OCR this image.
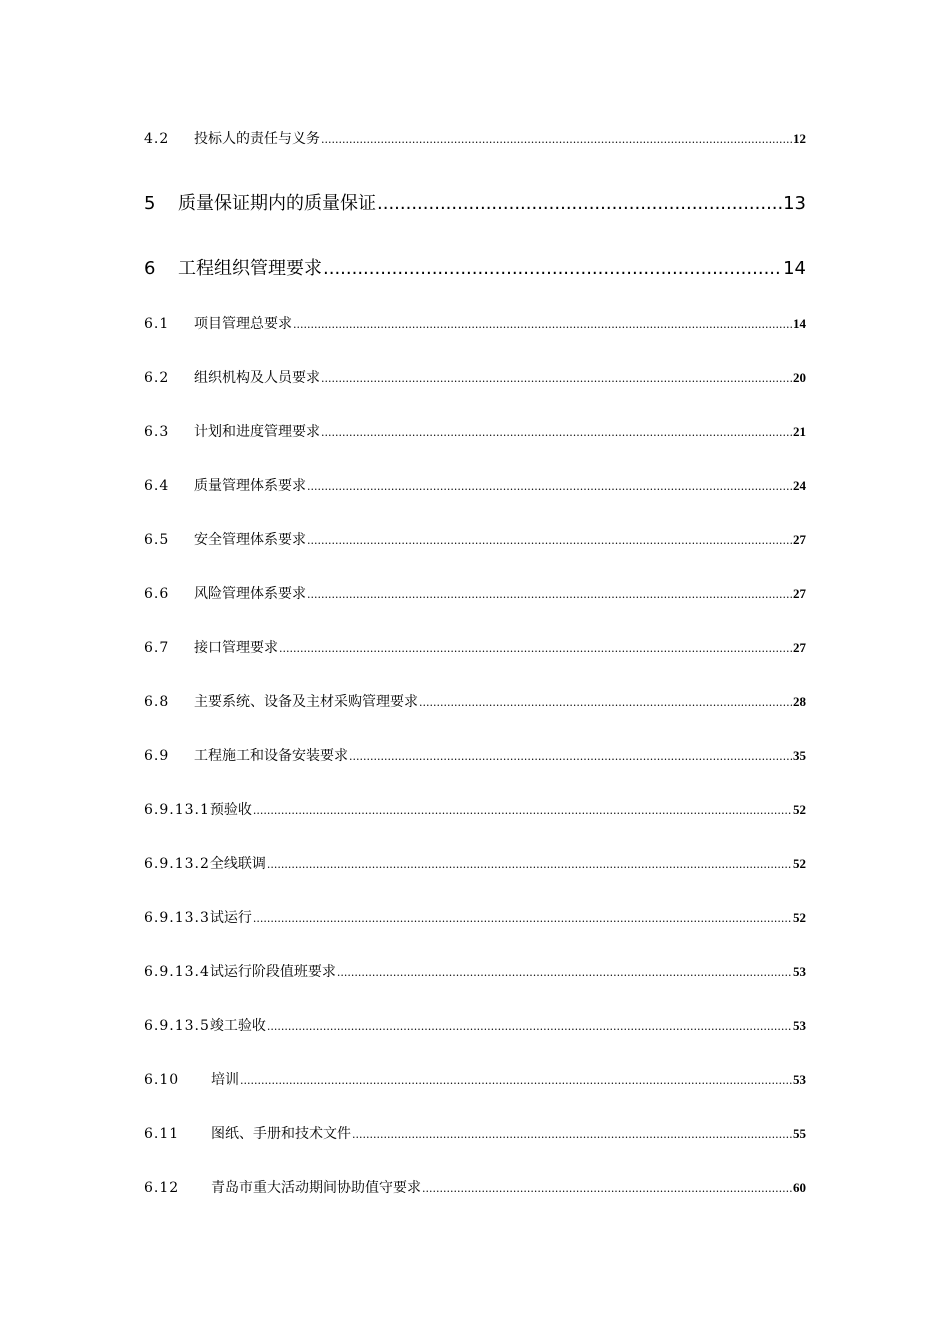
4.2	投标人的责任与义务 .....	12
5	质量保证期内的质量保证 .....	13
6	工程组织管理要求 .....	14
6.1	项目管理总要求 .....	14
6.2	组织机构及人员要求 .....	20
6.3	计划和进度管理要求 .....	21
6.4	质量管理体系要求 .....	24
6.5	安全管理体系要求 .....	27
6.6	风险管理体系要求 .....	27
6.7	接口管理要求 .....	27
6.8	主要系统、设备及主材采购管理要求 .....	28
6.9	工程施工和设备安装要求 .....	35
6.9.13.1 预验收 .....	52
6.9.13.2 全线联调 .....	52
6.9.13.3 试运行 .....	52
6.9.13.4 试运行阶段值班要求 .....	53
6.9.13.5 竣工验收 .....	53
6.10	培训 .....	53
6.11	图纸、手册和技术文件 .....	55
6.12	青岛市重大活动期间协助值守要求 .....	60
